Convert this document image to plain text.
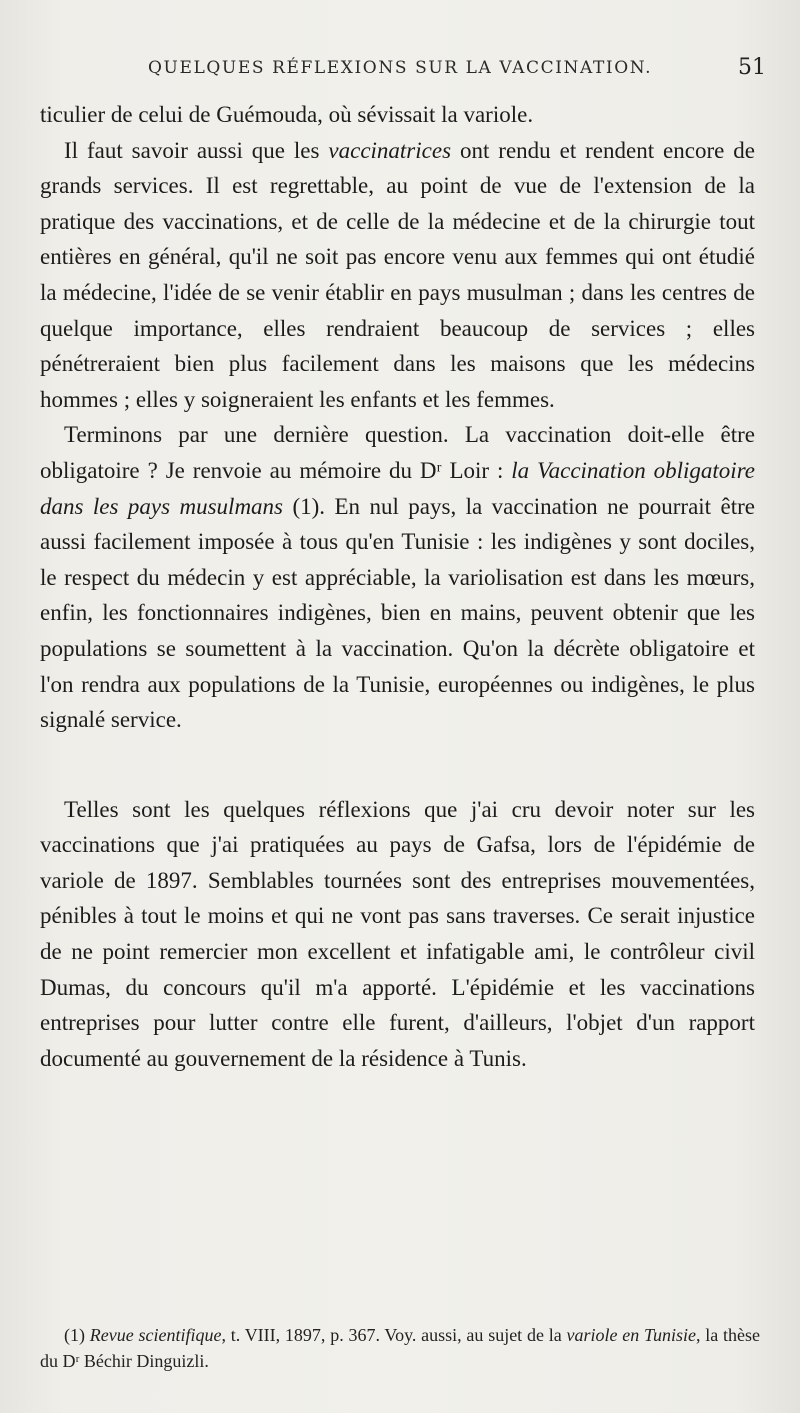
QUELQUES RÉFLEXIONS SUR LA VACCINATION.	51

ticulier de celui de Guémouda, où sévissait la variole.

Il faut savoir aussi que les vaccinatrices ont rendu et rendent encore de grands services. Il est regrettable, au point de vue de l'extension de la pratique des vaccinations, et de celle de la médecine et de la chirurgie tout entières en général, qu'il ne soit pas encore venu aux femmes qui ont étudié la médecine, l'idée de se venir établir en pays musulman ; dans les centres de quelque importance, elles rendraient beaucoup de services ; elles pénétreraient bien plus facilement dans les maisons que les médecins hommes ; elles y soigneraient les enfants et les femmes.

Terminons par une dernière question. La vaccination doit-elle être obligatoire ? Je renvoie au mémoire du Dʳ Loir : la Vaccination obligatoire dans les pays musulmans (1). En nul pays, la vaccination ne pourrait être aussi facilement imposée à tous qu'en Tunisie : les indigènes y sont dociles, le respect du médecin y est appréciable, la variolisation est dans les mœurs, enfin, les fonctionnaires indigènes, bien en mains, peuvent obtenir que les populations se soumettent à la vaccination. Qu'on la décrète obligatoire et l'on rendra aux populations de la Tunisie, européennes ou indigènes, le plus signalé service.

Telles sont les quelques réflexions que j'ai cru devoir noter sur les vaccinations que j'ai pratiquées au pays de Gafsa, lors de l'épidémie de variole de 1897. Semblables tournées sont des entreprises mouvementées, pénibles à tout le moins et qui ne vont pas sans traverses. Ce serait injustice de ne point remercier mon excellent et infatigable ami, le contrôleur civil Dumas, du concours qu'il m'a apporté. L'épidémie et les vaccinations entreprises pour lutter contre elle furent, d'ailleurs, l'objet d'un rapport documenté au gouvernement de la résidence à Tunis.

(1) Revue scientifique, t. VIII, 1897, p. 367. Voy. aussi, au sujet de la variole en Tunisie, la thèse du Dʳ Béchir Dinguizli.
